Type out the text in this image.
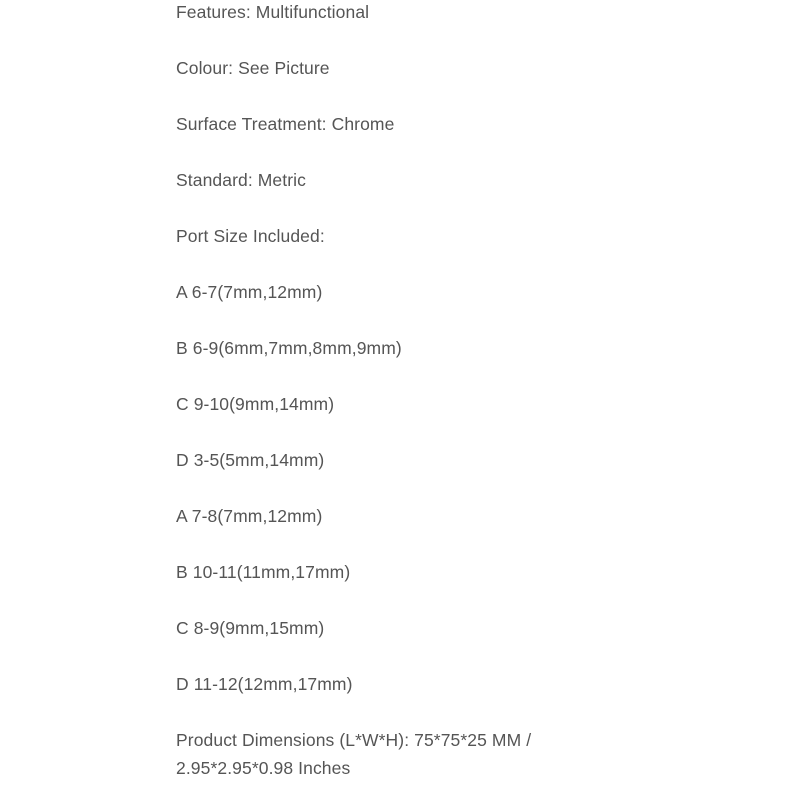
Features: Multifunctional

Colour: See Picture

Surface Treatment: Chrome

Standard: Metric

Port Size Included:

A 6-7(7mm,12mm)

B 6-9(6mm,7mm,8mm,9mm)

C 9-10(9mm,14mm)

D 3-5(5mm,14mm)

A 7-8(7mm,12mm)

B 10-11(11mm,17mm)

C 8-9(9mm,15mm)

D 11-12(12mm,17mm)

Product Dimensions (L*W*H): 75*75*25 MM /

2.95*2.95*0.98 Inches
